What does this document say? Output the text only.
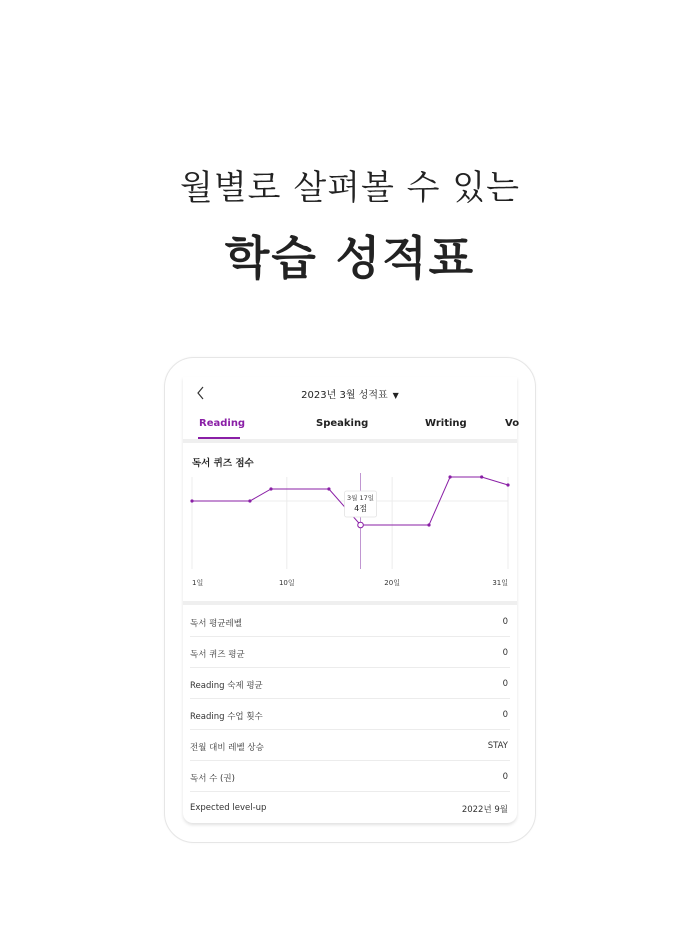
월별로 살펴볼 수 있는
학습 성적표
2023년 3월 성적표 ▼
Reading	Speaking	Writing	Vo
독서 퀴즈 점수
3월 17일
4점
1일	10일	20일	31일
독서 평균레벨	0
독서 퀴즈 평균	0
Reading 숙제 평균	0
Reading 수업 횟수	0
전월 대비 레벨 상승	STAY
독서 수 (권)	0
Expected level-up	2022년 9월
